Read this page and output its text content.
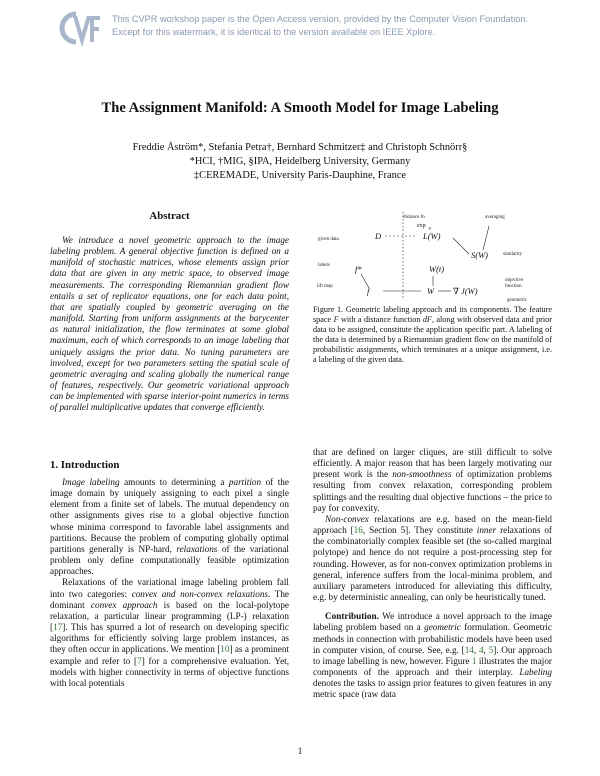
This CVPR workshop paper is the Open Access version, provided by the Computer Vision Foundation.
Except for this watermark, it is identical to the version available on IEEE Xplore.
The Assignment Manifold: A Smooth Model for Image Labeling
Freddie Åström*, Stefania Petra†, Bernhard Schmitzer‡ and Christoph Schnörr§
*HCI, †MIG, §IPA, Heidelberg University, Germany
‡CEREMADE, University Paris-Dauphine, France
Abstract
We introduce a novel geometric approach to the image labeling problem. A general objective function is defined on a manifold of stochastic matrices, whose elements assign prior data that are given in any metric space, to observed image measurements. The corresponding Riemannian gradient flow entails a set of replicator equations, one for each data point, that are spatially coupled by geometric averaging on the manifold. Starting from uniform assignments at the barycenter as natural initialization, the flow terminates at some global maximum, each of which corresponds to an image labeling that uniquely assigns the prior data. No tuning parameters are involved, except for two parameters setting the spatial scale of geometric averaging and scaling globally the numerical range of features, respectively. Our geometric variational approach can be implemented with sparse interior-point numerics in terms of parallel multiplicative updates that converge efficiently.
1. Introduction

Image labeling amounts to determining a partition of the image domain by uniquely assigning to each pixel a single element from a finite set of labels. The mutual dependency on other assignments gives rise to a global objective function whose minima correspond to favorable label assignments and partitions. Because the problem of computing globally optimal partitions generally is NP-hard, relaxations of the variational problem only define computationally feasible optimization approaches.

Relaxations of the variational image labeling problem fall into two categories: convex and non-convex relaxations. The dominant convex approach is based on the local-polytope relaxation, a particular linear programming (LP-) relaxation [17]. This has spurred a lot of research on developing specific algorithms for efficiently solving large problem instances, as they often occur in applications. We mention [10] as a prominent example and refer to [7] for a comprehensive evaluation. Yet, models with higher connectivity in terms of objective functions with local potentials

distance fn	averaging
given data
similarity
labels
lift map
objective
function
geometric
D	L(W)
S(W)
f*	W(t)
f	W ∇ J(W)
exp p
Figure 1. Geometric labeling approach and its components. The feature space F with a distance function dF, along with observed data and prior data to be assigned, constitute the application specific part. A labeling of the data is determined by a Riemannian gradient flow on the manifold of probabilistic assignments, which terminates at a unique assignment, i.e. a labeling of the given data.

that are defined on larger cliques, are still difficult to solve efficiently. A major reason that has been largely motivating our present work is the non-smoothness of optimization problems resulting from convex relaxation, corresponding problem splittings and the resulting dual objective functions – the price to pay for convexity.

Non-convex relaxations are e.g. based on the mean-field approach [16, Section 5]. They constitute inner relaxations of the combinatorially complex feasible set (the so-called marginal polytope) and hence do not require a post-processing step for rounding. However, as for non-convex optimization problems in general, inference suffers from the local-minima problem, and auxiliary parameters introduced for alleviating this difficulty, e.g. by deterministic annealing, can only be heuristically tuned.

Contribution. We introduce a novel approach to the image labeling problem based on a geometric formulation. Geometric methods in connection with probabilistic models have been used in computer vision, of course. See, e.g. [14, 4, 5]. Our approach to image labelling is new, however. Figure 1 illustrates the major components of the approach and their interplay. Labeling denotes the tasks to assign prior features to given features in any metric space (raw data

1
